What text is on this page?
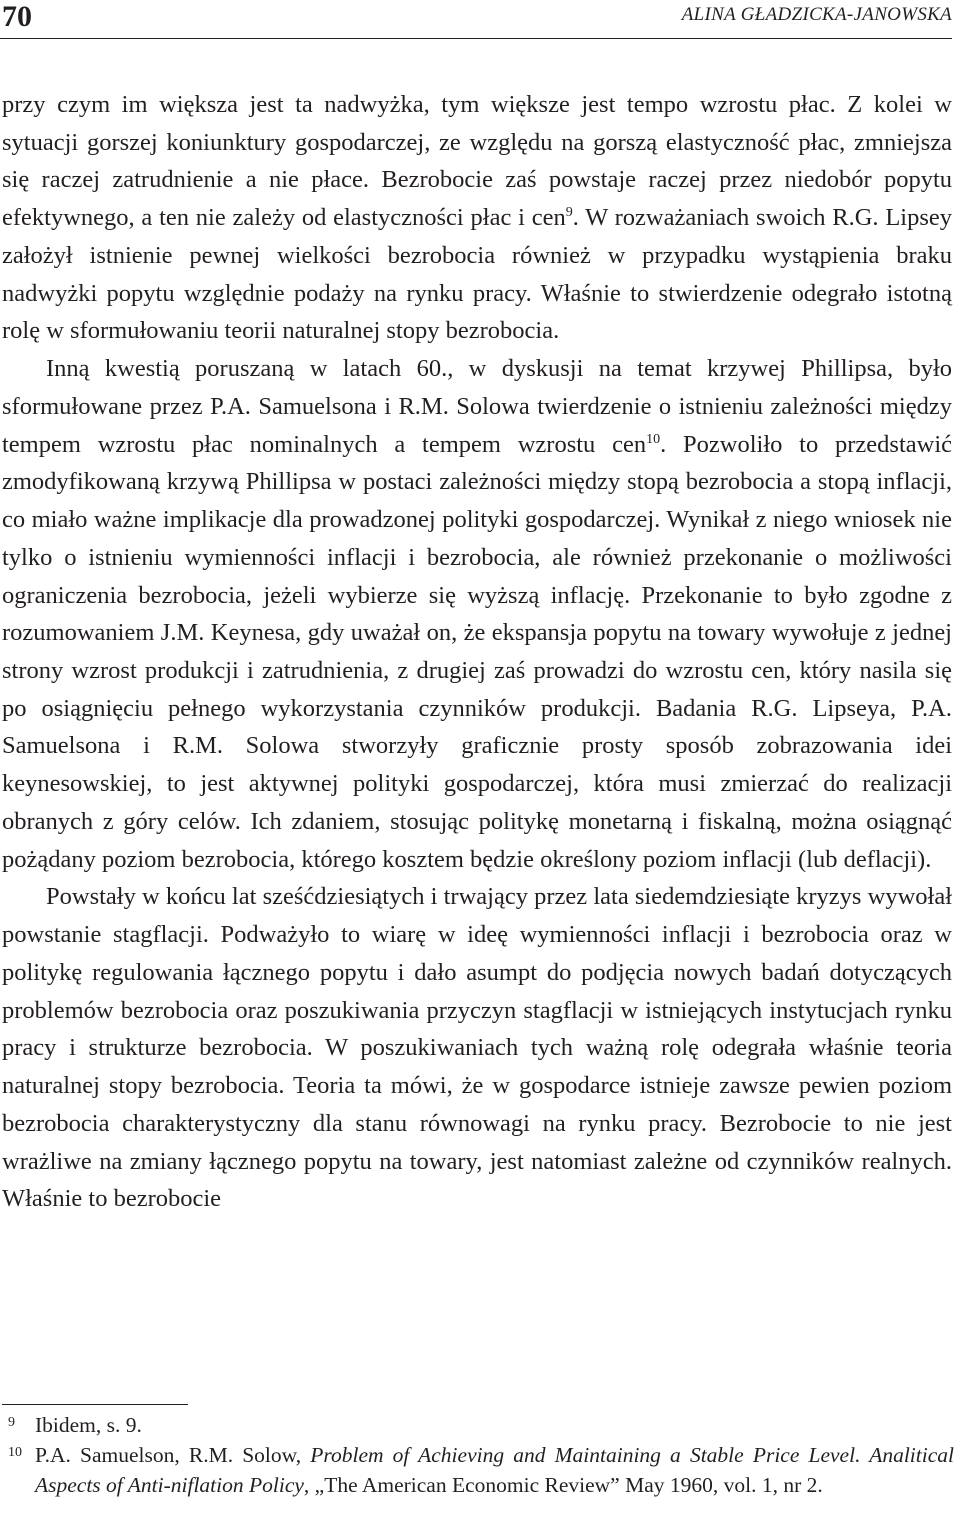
70	ALINA GŁADZICKA-JANOWSKA

przy czym im większa jest ta nadwyżka, tym większe jest tempo wzrostu płac. Z kolei w sytuacji gorszej koniunktury gospodarczej, ze względu na gorszą elastyczność płac, zmniejsza się raczej zatrudnienie a nie płace. Bezrobocie zaś powstaje raczej przez niedobór popytu efektywnego, a ten nie zależy od elastyczności płac i cen$^9$. W rozważaniach swoich R.G. Lipsey założył istnienie pewnej wielkości bezrobocia również w przypadku wystąpienia braku nadwyżki popytu względnie podaży na rynku pracy. Właśnie to stwierdzenie odegrało istotną rolę w sformułowaniu teorii naturalnej stopy bezrobocia.

Inną kwestią poruszaną w latach 60., w dyskusji na temat krzywej Phillipsa, było sformułowane przez P.A. Samuelsona i R.M. Solowa twierdzenie o istnieniu zależności między tempem wzrostu płac nominalnych a tempem wzrostu cen$^{10}$. Pozwoliło to przedstawić zmodyfikowaną krzywą Phillipsa w postaci zależności między stopą bezrobocia a stopą inflacji, co miało ważne implikacje dla prowadzonej polityki gospodarczej. Wynikał z niego wniosek nie tylko o istnieniu wymienności inflacji i bezrobocia, ale również przekonanie o możliwości ograniczenia bezrobocia, jeżeli wybierze się wyższą inflację. Przekonanie to było zgodne z rozumowaniem J.M. Keynesa, gdy uważał on, że ekspansja popytu na towary wywołuje z jednej strony wzrost produkcji i zatrudnienia, z drugiej zaś prowadzi do wzrostu cen, który nasila się po osiągnięciu pełnego wykorzystania czynników produkcji. Badania R.G. Lipseya, P.A. Samuelsona i R.M. Solowa stworzyły graficznie prosty sposób zobrazowania idei keynesowskiej, to jest aktywnej polityki gospodarczej, która musi zmierzać do realizacji obranych z góry celów. Ich zdaniem, stosując politykę monetarną i fiskalną, można osiągnąć pożądany poziom bezrobocia, którego kosztem będzie określony poziom inflacji (lub deflacji).

Powstały w końcu lat sześćdziesiątych i trwający przez lata siedemdziesiąte kryzys wywołał powstanie stagflacji. Podważyło to wiarę w ideę wymienności inflacji i bezrobocia oraz w politykę regulowania łącznego popytu i dało asumpt do podjęcia nowych badań dotyczących problemów bezrobocia oraz poszukiwania przyczyn stagflacji w istniejących instytucjach rynku pracy i strukturze bezrobocia. W poszukiwaniach tych ważną rolę odegrała właśnie teoria naturalnej stopy bezrobocia. Teoria ta mówi, że w gospodarce istnieje zawsze pewien poziom bezrobocia charakterystyczny dla stanu równowagi na rynku pracy. Bezrobocie to nie jest wrażliwe na zmiany łącznego popytu na towary, jest natomiast zależne od czynników realnych. Właśnie to bezrobocie

9 Ibidem, s. 9.
10 P.A. Samuelson, R.M. Solow, Problem of Achieving and Maintaining a Stable Price Level. Analitical Aspects of Anti-niflation Policy, „The American Economic Review” May 1960, vol. 1, nr 2.
